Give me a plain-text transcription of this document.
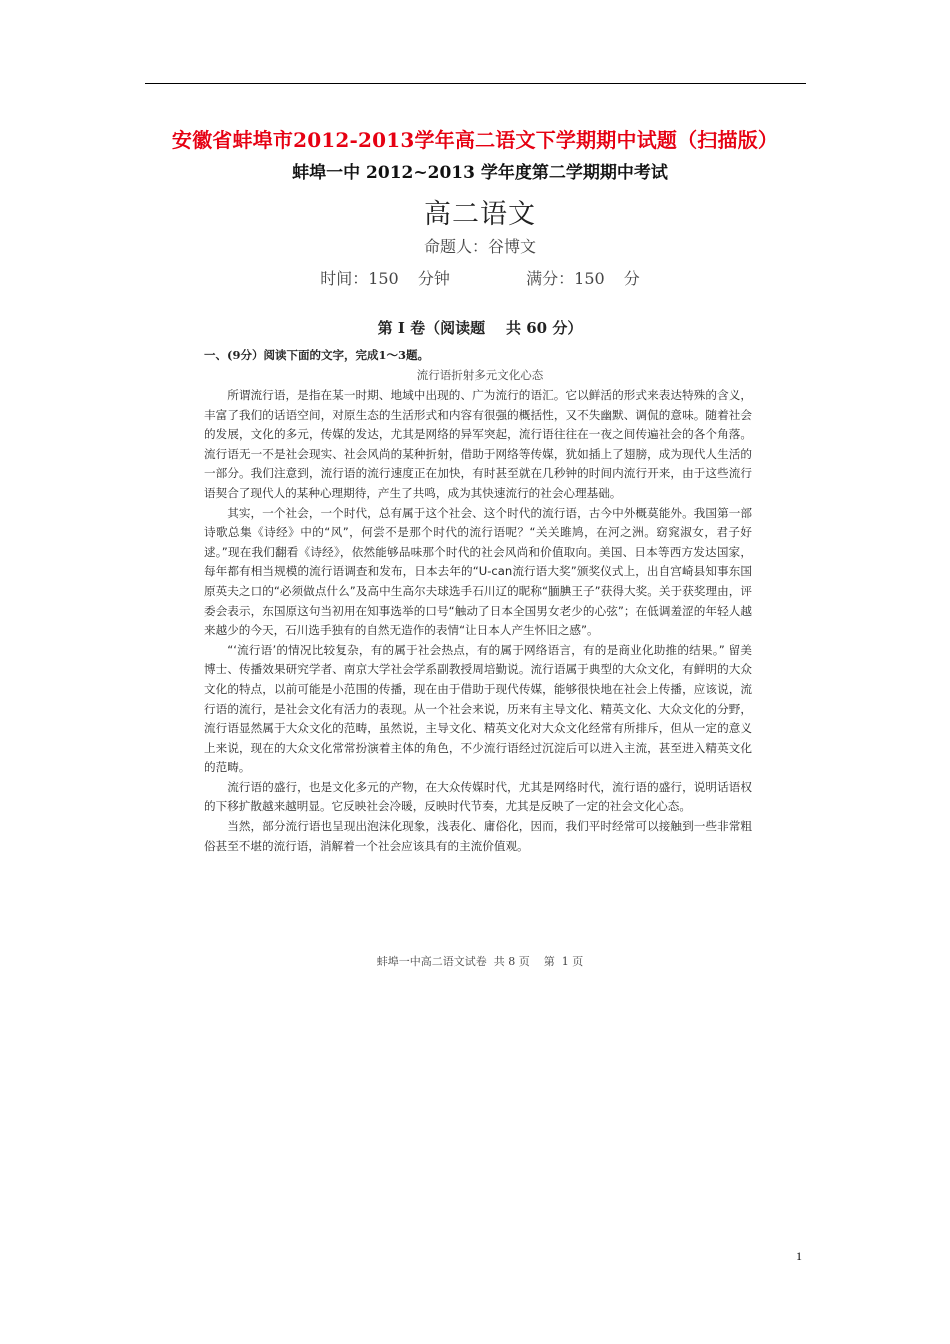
安徽省蚌埠市2012-2013学年高二语文下学期期中试题（扫描版）
蚌埠一中 2012~2013 学年度第二学期期中考试
高二语文
命题人：谷博文
时间：150 分钟    满分：150 分
第 I 卷（阅读题    共 60 分）
一、(9分）阅读下面的文字，完成1～3题。
流行语折射多元文化心态

所谓流行语，是指在某一时期、地域中出现的、广为流行的语汇。它以鲜活的形式来表达特殊的含义，丰富了我们的话语空间，对原生态的生活形式和内容有很强的概括性，又不失幽默、调侃的意味。随着社会的发展，文化的多元，传媒的发达，尤其是网络的异军突起，流行语往往在一夜之间传遍社会的各个角落。流行语无一不是社会现实、社会风尚的某种折射，借助于网络等传媒，犹如插上了翅膀，成为现代人生活的一部分。我们注意到，流行语的流行速度正在加快，有时甚至就在几秒钟的时间内流行开来，由于这些流行语契合了现代人的某种心理期待，产生了共鸣，成为其快速流行的社会心理基础。

其实，一个社会，一个时代，总有属于这个社会、这个时代的流行语，古今中外概莫能外。我国第一部诗歌总集《诗经》中的“风”，何尝不是那个时代的流行语呢？“关关雎鸠，在河之洲。窈窕淑女，君子好逑。”现在我们翻看《诗经》，依然能够品味那个时代的社会风尚和价值取向。美国、日本等西方发达国家，每年都有相当规模的流行语调查和发布，日本去年的“U-can流行语大奖”颁奖仪式上，出自宫崎县知事东国原英夫之口的“必须做点什么”及高中生高尔夫球选手石川辽的昵称“腼腆王子”获得大奖。关于获奖理由，评委会表示，东国原这句当初用在知事选举的口号“触动了日本全国男女老少的心弦”；在低调羞涩的年轻人越来越少的今天，石川选手独有的自然无造作的表情“让日本人产生怀旧之感”。

“‘流行语’的情况比较复杂，有的属于社会热点，有的属于网络语言，有的是商业化助推的结果。” 留美博士、传播效果研究学者、南京大学社会学系副教授周培勤说。流行语属于典型的大众文化，有鲜明的大众文化的特点，以前可能是小范围的传播，现在由于借助于现代传媒，能够很快地在社会上传播，应该说，流行语的流行，是社会文化有活力的表现。从一个社会来说，历来有主导文化、精英文化、大众文化的分野，流行语显然属于大众文化的范畴，虽然说，主导文化、精英文化对大众文化经常有所排斥，但从一定的意义上来说，现在的大众文化常常扮演着主体的角色，不少流行语经过沉淀后可以进入主流，甚至进入精英文化的范畴。

流行语的盛行，也是文化多元的产物，在大众传媒时代，尤其是网络时代，流行语的盛行，说明话语权的下移扩散越来越明显。它反映社会冷暖，反映时代节奏，尤其是反映了一定的社会文化心态。

当然，部分流行语也呈现出泡沫化现象，浅表化、庸俗化，因而，我们平时经常可以接触到一些非常粗俗甚至不堪的流行语，消解着一个社会应该具有的主流价值观。

蚌埠一中高二语文试卷  共 8 页    第  1 页
1
